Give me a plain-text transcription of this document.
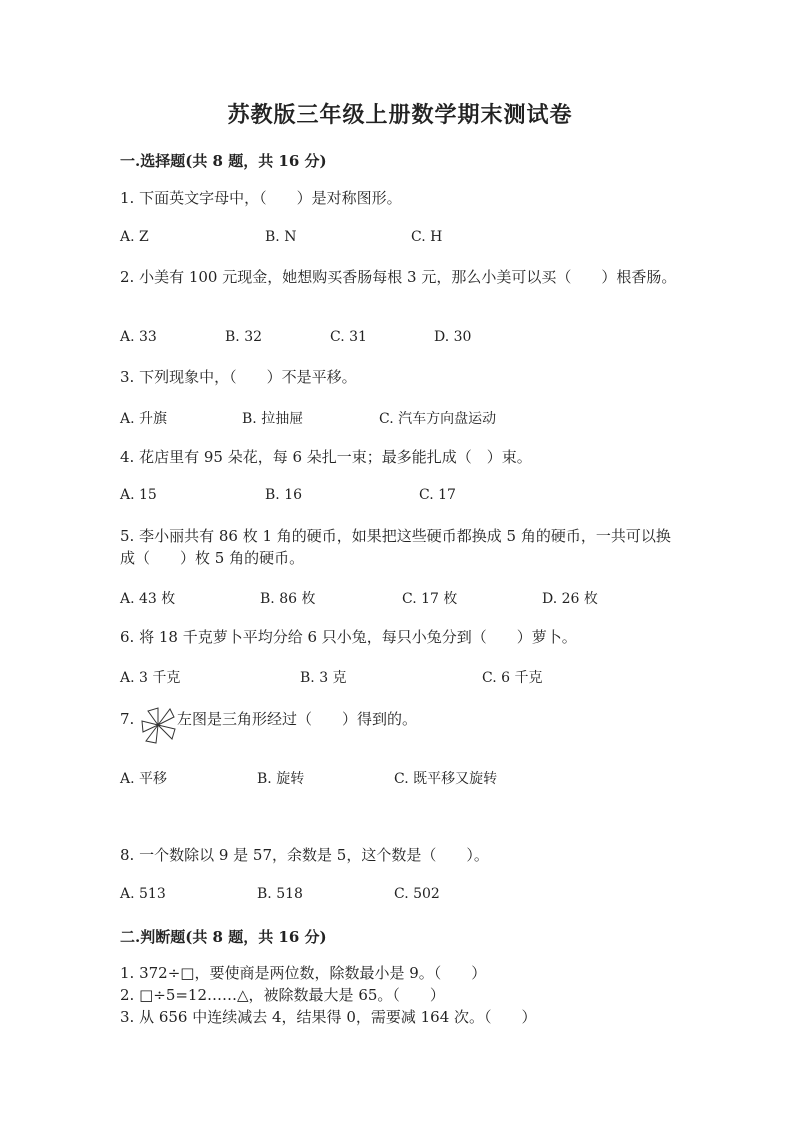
苏教版三年级上册数学期末测试卷
一.选择题(共 8 题，共 16 分)
1. 下面英文字母中，（　　）是对称图形。
A. Z	B. N	C. H
2. 小美有 100 元现金，她想购买香肠每根 3 元，那么小美可以买（　　）根香肠。
A. 33	B. 32	C. 31	D. 30
3. 下列现象中，（　　）不是平移。
A. 升旗	B. 拉抽屉	C. 汽车方向盘运动
4. 花店里有 95 朵花，每 6 朵扎一束；最多能扎成（　）束。
A. 15	B. 16	C. 17
5. 李小丽共有 86 枚 1 角的硬币，如果把这些硬币都换成 5 角的硬币，一共可以换成（　　）枚 5 角的硬币。
A. 43 枚	B. 86 枚	C. 17 枚	D. 26 枚
6. 将 18 千克萝卜平均分给 6 只小兔，每只小兔分到（　　）萝卜。
A. 3 千克	B. 3 克	C. 6 千克
7.	左图是三角形经过（　　）得到的。
A. 平移	B. 旋转	C. 既平移又旋转
8. 一个数除以 9 是 57，余数是 5，这个数是（　　）。
A. 513	B. 518	C. 502
二.判断题(共 8 题，共 16 分)
1. 372÷□，要使商是两位数，除数最小是 9。（　　）
2. □÷5=12……△，被除数最大是 65。（　　）
3. 从 656 中连续减去 4，结果得 0，需要减 164 次。（　　）
